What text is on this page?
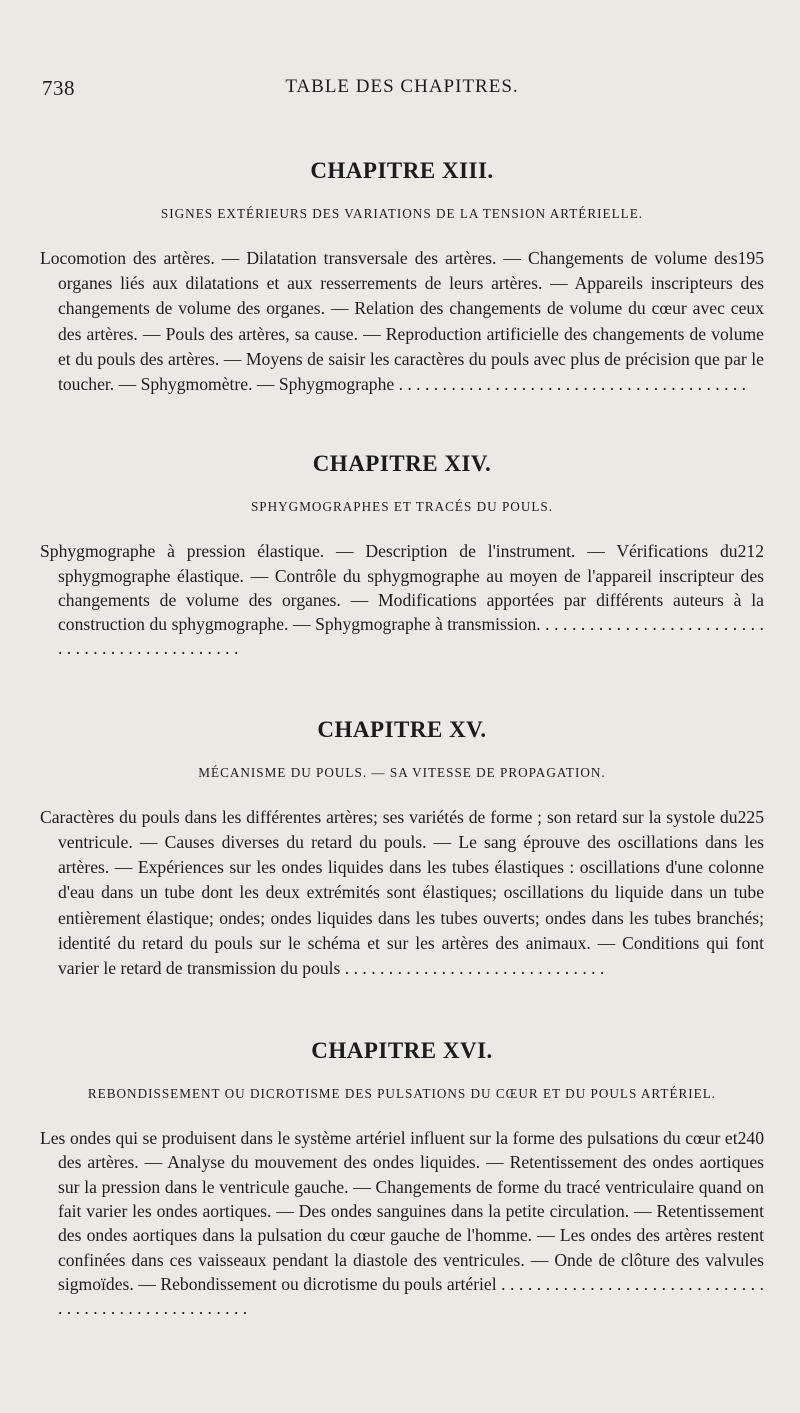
738	TABLE DES CHAPITRES.
CHAPITRE XIII.
SIGNES EXTÉRIEURS DES VARIATIONS DE LA TENSION ARTÉRIELLE.

195
Locomotion des artères. — Dilatation transversale des artères. — Changements de volume des organes liés aux dilatations et aux resserrements de leurs artères. — Appareils inscripteurs des changements de volume des organes. — Relation des changements de volume du cœur avec ceux des artères. — Pouls des artères, sa cause. — Reproduction artificielle des changements de volume et du pouls des artères. — Moyens de saisir les caractères du pouls avec plus de précision que par le toucher. — Sphygmomètre. — Sphygmographe . . . . . . . . . . . . . . . . . . . . . . . . . . . . . . . . . . . . . . . .

CHAPITRE XIV.
SPHYGMOGRAPHES ET TRACÉS DU POULS.

212
Sphygmographe à pression élastique. — Description de l'instrument. — Vérifications du sphygmographe élastique. — Contrôle du sphygmographe au moyen de l'appareil inscripteur des changements de volume des organes. — Modifications apportées par différents auteurs à la construction du sphygmographe. — Sphygmographe à transmission. . . . . . . . . . . . . . . . . . . . . . . . . . . . . . . . . . . . . . . . . . . . . . .

CHAPITRE XV.
MÉCANISME DU POULS. — SA VITESSE DE PROPAGATION.

225
Caractères du pouls dans les différentes artères; ses variétés de forme ; son retard sur la systole du ventricule. — Causes diverses du retard du pouls. — Le sang éprouve des oscillations dans les artères. — Expériences sur les ondes liquides dans les tubes élastiques : oscillations d'une colonne d'eau dans un tube dont les deux extrémités sont élastiques; oscillations du liquide dans un tube entièrement élastique; ondes; ondes liquides dans les tubes ouverts; ondes dans les tubes branchés; identité du retard du pouls sur le schéma et sur les artères des animaux. — Conditions qui font varier le retard de transmission du pouls . . . . . . . . . . . . . . . . . . . . . . . . . . . . . .

CHAPITRE XVI.
REBONDISSEMENT OU DICROTISME DES PULSATIONS DU CŒUR ET DU POULS ARTÉRIEL.

240
Les ondes qui se produisent dans le système artériel influent sur la forme des pulsations du cœur et des artères. — Analyse du mouvement des ondes liquides. — Retentissement des ondes aortiques sur la pression dans le ventricule gauche. — Changements de forme du tracé ventriculaire quand on fait varier les ondes aortiques. — Des ondes sanguines dans la petite circulation. — Retentissement des ondes aortiques dans la pulsation du cœur gauche de l'homme. — Les ondes des artères restent confinées dans ces vaisseaux pendant la diastole des ventricules. — Onde de clôture des valvules sigmoïdes. — Rebondissement ou dicrotisme du pouls artériel . . . . . . . . . . . . . . . . . . . . . . . . . . . . . . . . . . . . . . . . . . . . . . . . . . . .
